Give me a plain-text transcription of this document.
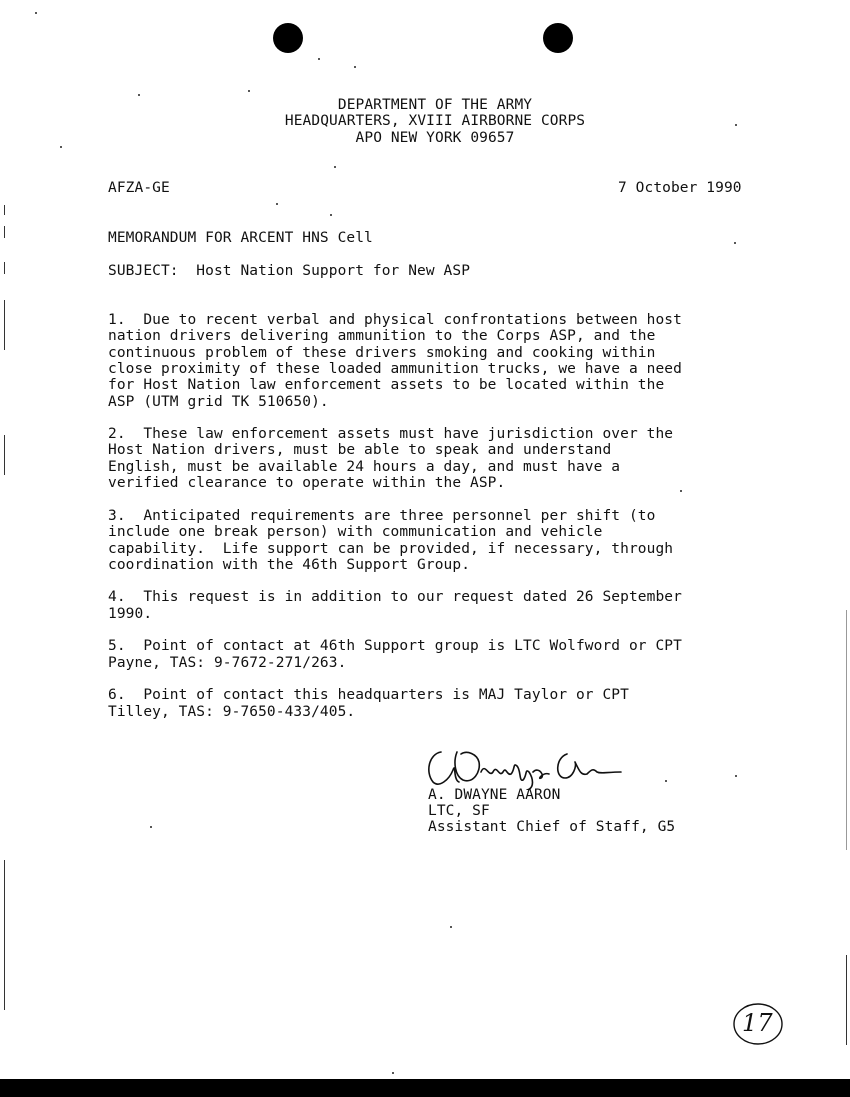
DEPARTMENT OF THE ARMY
HEADQUARTERS, XVIII AIRBORNE CORPS
APO NEW YORK 09657
AFZA-GE	7 October 1990
MEMORANDUM FOR ARCENT HNS Cell
SUBJECT:  Host Nation Support for New ASP
1.  Due to recent verbal and physical confrontations between host
nation drivers delivering ammunition to the Corps ASP, and the
continuous problem of these drivers smoking and cooking within
close proximity of these loaded ammunition trucks, we have a need
for Host Nation law enforcement assets to be located within the
ASP (UTM grid TK 510650).
2.  These law enforcement assets must have jurisdiction over the
Host Nation drivers, must be able to speak and understand
English, must be available 24 hours a day, and must have a
verified clearance to operate within the ASP.
3.  Anticipated requirements are three personnel per shift (to
include one break person) with communication and vehicle
capability.  Life support can be provided, if necessary, through
coordination with the 46th Support Group.
4.  This request is in addition to our request dated 26 September
1990.
5.  Point of contact at 46th Support group is LTC Wolfword or CPT
Payne, TAS: 9-7672-271/263.
6.  Point of contact this headquarters is MAJ Taylor or CPT
Tilley, TAS: 9-7650-433/405.
A. DWAYNE AARON
LTC, SF
Assistant Chief of Staff, G5
17
